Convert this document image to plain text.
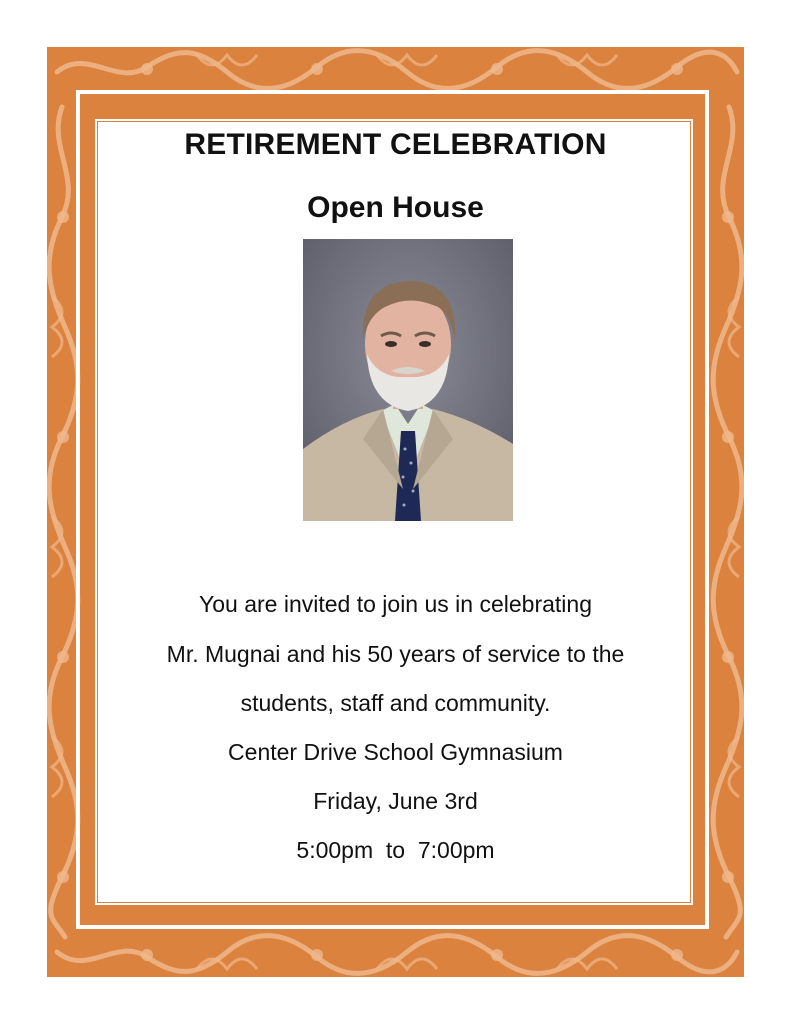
RETIREMENT CELEBRATION
Open House
You are invited to join us in celebrating
Mr. Mugnai and his 50 years of service to the
students, staff and community.
Center Drive School Gymnasium
Friday, June 3rd
5:00pm  to  7:00pm
